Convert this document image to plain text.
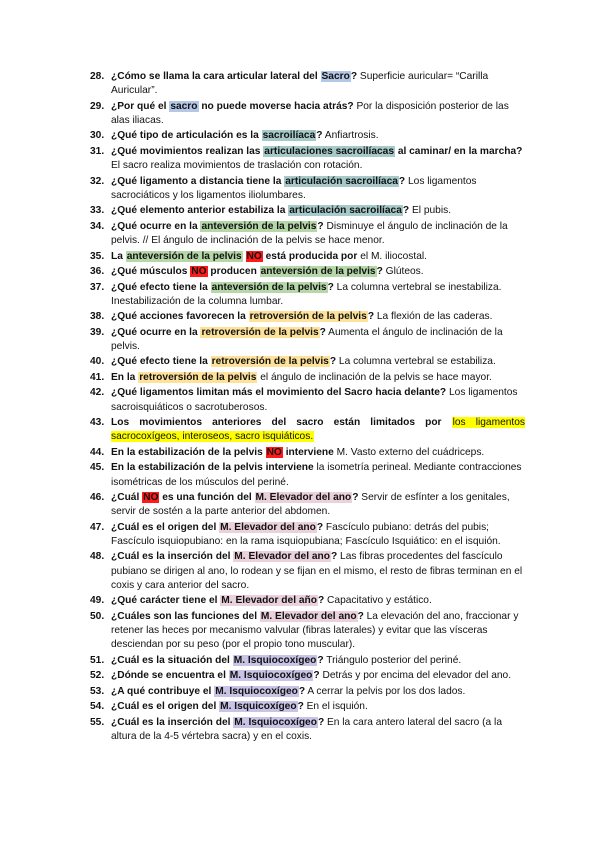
28. ¿Cómo se llama la cara articular lateral del Sacro? Superficie auricular= “Carilla Auricular”.
29. ¿Por qué el sacro no puede moverse hacia atrás? Por la disposición posterior de las alas iliacas.
30. ¿Qué tipo de articulación es la sacroilíaca? Anfiartrosis.
31. ¿Qué movimientos realizan las articulaciones sacroilíacas al caminar/ en la marcha? El sacro realiza movimientos de traslación con rotación.
32. ¿Qué ligamento a distancia tiene la articulación sacroilíaca? Los ligamentos sacrociáticos y los ligamentos iliolumbares.
33. ¿Qué elemento anterior estabiliza la articulación sacroilíaca? El pubis.
34. ¿Qué ocurre en la anteversión de la pelvis? Disminuye el ángulo de inclinación de la pelvis. // El ángulo de inclinación de la pelvis se hace menor.
35. La anteversión de la pelvis NO está producida por el M. iliocostal.
36. ¿Qué músculos NO producen anteversión de la pelvis? Glúteos.
37. ¿Qué efecto tiene la anteversión de la pelvis? La columna vertebral se inestabiliza. Inestabilización de la columna lumbar.
38. ¿Qué acciones favorecen la retroversión de la pelvis? La flexión de las caderas.
39. ¿Qué ocurre en la retroversión de la pelvis? Aumenta el ángulo de inclinación de la pelvis.
40. ¿Qué efecto tiene la retroversión de la pelvis? La columna vertebral se estabiliza.
41. En la retroversión de la pelvis el ángulo de inclinación de la pelvis se hace mayor.
42. ¿Qué ligamentos limitan más el movimiento del Sacro hacia delante? Los ligamentos sacroisquiáticos o sacrotuberosos.
43. Los movimientos anteriores del sacro están limitados por los ligamentos sacrocoxígeos, interoseos, sacro isquiáticos.
44. En la estabilización de la pelvis NO interviene M. Vasto externo del cuádriceps.
45. En la estabilización de la pelvis interviene la isometría perineal. Mediante contracciones isométricas de los músculos del periné.
46. ¿Cuál NO es una función del M. Elevador del ano? Servir de esfínter a los genitales, servir de sostén a la parte anterior del abdomen.
47. ¿Cuál es el origen del M. Elevador del ano? Fascículo pubiano: detrás del pubis; Fascículo isquiopubiano: en la rama isquiopubiana; Fascículo Isquiático: en el isquión.
48. ¿Cuál es la inserción del M. Elevador del ano? Las fibras procedentes del fascículo pubiano se dirigen al ano, lo rodean y se fijan en el mismo, el resto de fibras terminan en el coxis y cara anterior del sacro.
49. ¿Qué carácter tiene el M. Elevador del año? Capacitativo y estático.
50. ¿Cuáles son las funciones del M. Elevador del ano? La elevación del ano, fraccionar y retener las heces por mecanismo valvular (fibras laterales) y evitar que las vísceras desciendan por su peso (por el propio tono muscular).
51. ¿Cuál es la situación del M. Isquiocoxígeo? Triángulo posterior del periné.
52. ¿Dónde se encuentra el M. Isquiocoxígeo? Detrás y por encima del elevador del ano.
53. ¿A qué contribuye el M. Isquiocoxígeo? A cerrar la pelvis por los dos lados.
54. ¿Cuál es el origen del M. Isquicoxígeo? En el isquión.
55. ¿Cuál es la inserción del M. Isquiocoxígeo? En la cara antero lateral del sacro (a la altura de la 4-5 vértebra sacra) y en el coxis.
